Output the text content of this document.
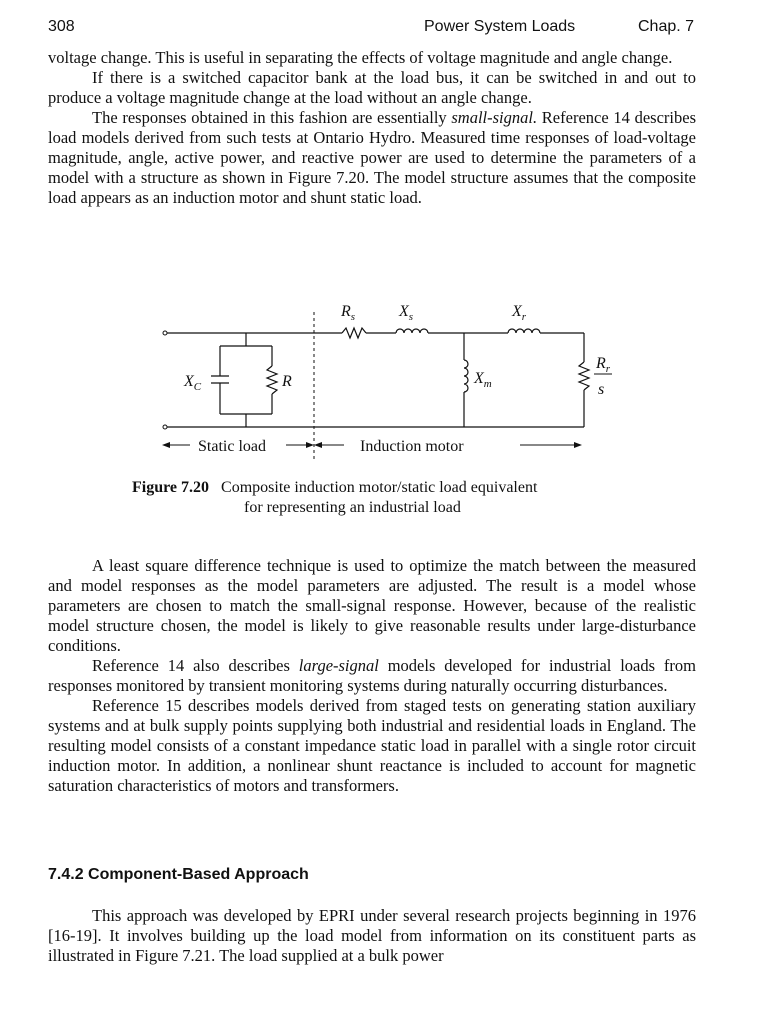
308	Power System Loads	Chap. 7

voltage change. This is useful in separating the effects of voltage magnitude and angle change.

If there is a switched capacitor bank at the load bus, it can be switched in and out to produce a voltage magnitude change at the load without an angle change.

The responses obtained in this fashion are essentially small-signal. Reference 14 describes load models derived from such tests at Ontario Hydro. Measured time responses of load-voltage magnitude, angle, active power, and reactive power are used to determine the parameters of a model with a structure as shown in Figure 7.20. The model structure assumes that the composite load appears as an induction motor and shunt static load.

$R_s$	$X_s$	$X_r$
$X_C$	R	$X_m$
$R_r$
s
Static load	Induction motor
Figure 7.20 Composite induction motor/static load equivalent
for representing an industrial load

A least square difference technique is used to optimize the match between the measured and model responses as the model parameters are adjusted. The result is a model whose parameters are chosen to match the small-signal response. However, because of the realistic model structure chosen, the model is likely to give reasonable results under large-disturbance conditions.

Reference 14 also describes large-signal models developed for industrial loads from responses monitored by transient monitoring systems during naturally occurring disturbances.

Reference 15 describes models derived from staged tests on generating station auxiliary systems and at bulk supply points supplying both industrial and residential loads in England. The resulting model consists of a constant impedance static load in parallel with a single rotor circuit induction motor. In addition, a nonlinear shunt reactance is included to account for magnetic saturation characteristics of motors and transformers.

7.4.2 Component-Based Approach

This approach was developed by EPRI under several research projects beginning in 1976 [16-19]. It involves building up the load model from information on its constituent parts as illustrated in Figure 7.21. The load supplied at a bulk power
